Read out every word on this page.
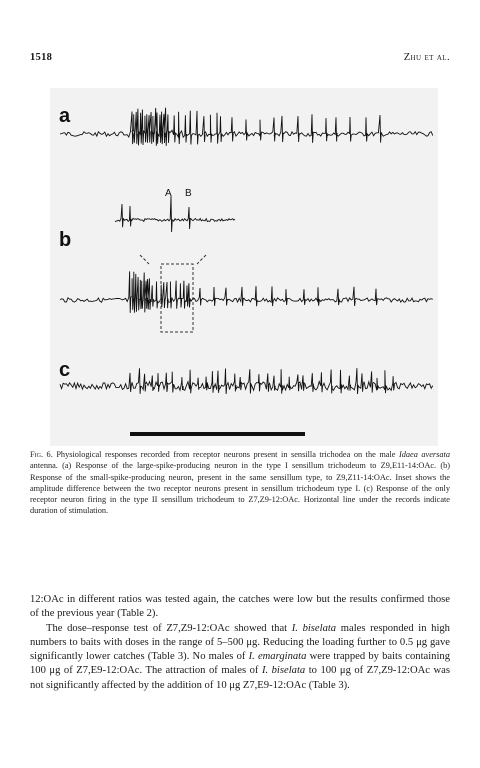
1518	Zhu et al.
a
b
c
A B
Fig. 6. Physiological responses recorded from receptor neurons present in sensilla trichodea on the male Idaea aversata antenna. (a) Response of the large-spike-producing neuron in the type I sensillum trichodeum to Z9,E11-14:OAc. (b) Response of the small-spike-producing neuron, present in the same sensillum type, to Z9,Z11-14:OAc. Inset shows the amplitude difference between the two receptor neurons present in sensillum trichodeum type I. (c) Response of the only receptor neuron firing in the type II sensillum trichodeum to Z7,Z9-12:OAc. Horizontal line under the records indicate duration of stimulation.

12:OAc in different ratios was tested again, the catches were low but the results confirmed those of the previous year (Table 2).

The dose–response test of Z7,Z9-12:OAc showed that I. biselata males responded in high numbers to baits with doses in the range of 5–500 μg. Reducing the loading further to 0.5 μg gave significantly lower catches (Table 3). No males of I. emarginata were trapped by baits containing 100 μg of Z7,E9-12:OAc. The attraction of males of I. biselata to 100 μg of Z7,Z9-12:OAc was not significantly affected by the addition of 10 μg Z7,E9-12:OAc (Table 3).
